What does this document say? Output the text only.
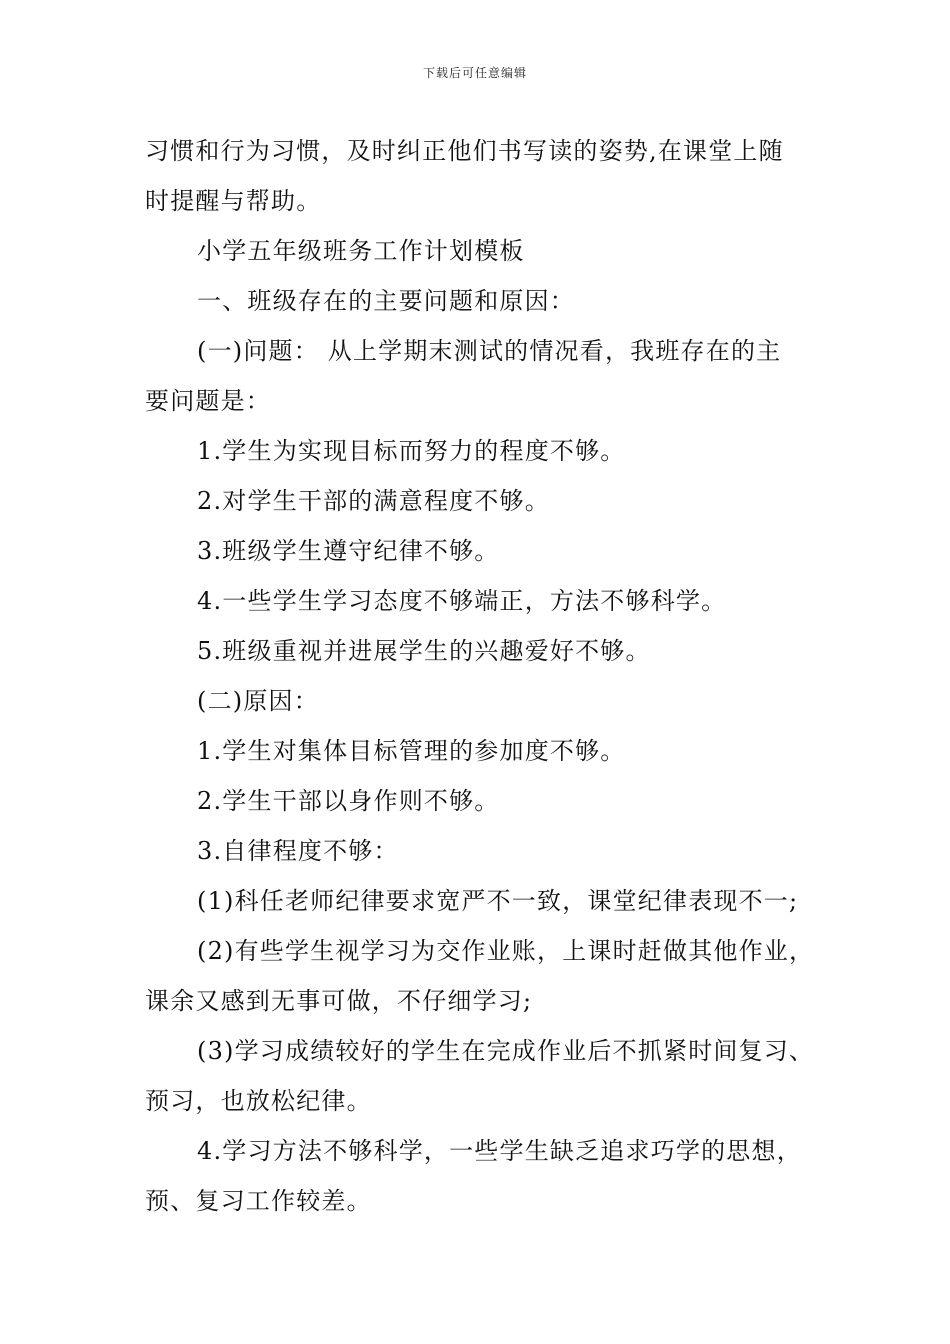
下载后可任意编辑
习惯和行为习惯，及时纠正他们书写读的姿势,在课堂上随
时提醒与帮助。
小学五年级班务工作计划模板
一、班级存在的主要问题和原因：
(一)问题： 从上学期末测试的情况看，我班存在的主
要问题是：
1.学生为实现目标而努力的程度不够。
2.对学生干部的满意程度不够。
3.班级学生遵守纪律不够。
4.一些学生学习态度不够端正，方法不够科学。
5.班级重视并进展学生的兴趣爱好不够。
(二)原因：
1.学生对集体目标管理的参加度不够。
2.学生干部以身作则不够。
3.自律程度不够：
(1)科任老师纪律要求宽严不一致，课堂纪律表现不一;
(2)有些学生视学习为交作业账，上课时赶做其他作业，
课余又感到无事可做，不仔细学习;
(3)学习成绩较好的学生在完成作业后不抓紧时间复习、
预习，也放松纪律。
4.学习方法不够科学，一些学生缺乏追求巧学的思想，
预、复习工作较差。
